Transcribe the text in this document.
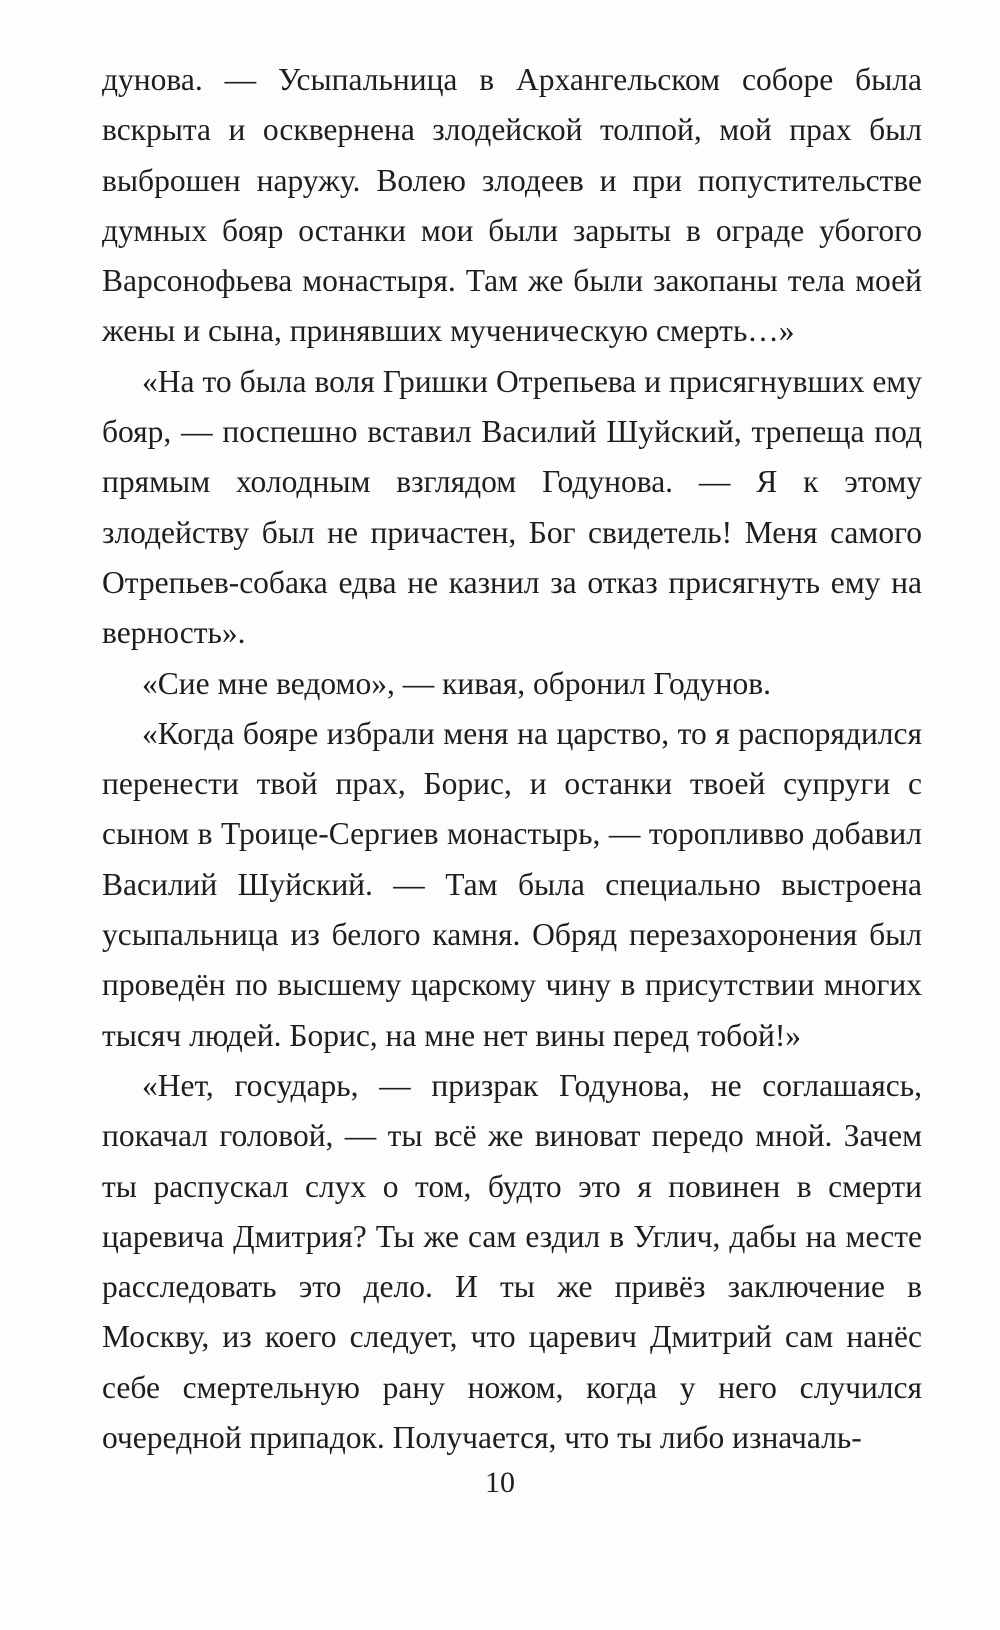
дунова. — Усыпальница в Архангельском соборе была вскрыта и осквернена злодейской толпой, мой прах был выброшен наружу. Волею злодеев и при попустительстве думных бояр останки мои были зарыты в ограде убогого Варсонофьева монастыря. Там же были закопаны тела моей жены и сына, принявших мученическую смерть…»

«На то была воля Гришки Отрепьева и присягнувших ему бояр, — поспешно вставил Василий Шуйский, трепеща под прямым холодным взглядом Годунова. — Я к этому злодейству был не причастен, Бог свидетель! Меня самого Отрепьев-собака едва не казнил за отказ присягнуть ему на верность».

«Сие мне ведомо», — кивая, обронил Годунов.

«Когда бояре избрали меня на царство, то я распорядился перенести твой прах, Борис, и останки твоей супруги с сыном в Троице-Сергиев монастырь, — торопливво добавил Василий Шуйский. — Там была специально выстроена усыпальница из белого камня. Обряд перезахоронения был проведён по высшему царскому чину в присутствии многих тысяч людей. Борис, на мне нет вины перед тобой!»

«Нет, государь, — призрак Годунова, не соглашаясь, покачал головой, — ты всё же виноват передо мной. Зачем ты распускал слух о том, будто это я повинен в смерти царевича Дмитрия? Ты же сам ездил в Углич, дабы на месте расследовать это дело. И ты же привёз заключение в Москву, из коего следует, что царевич Дмитрий сам нанёс себе смертельную рану ножом, когда у него случился очередной припадок. Получается, что ты либо изначаль-

10
